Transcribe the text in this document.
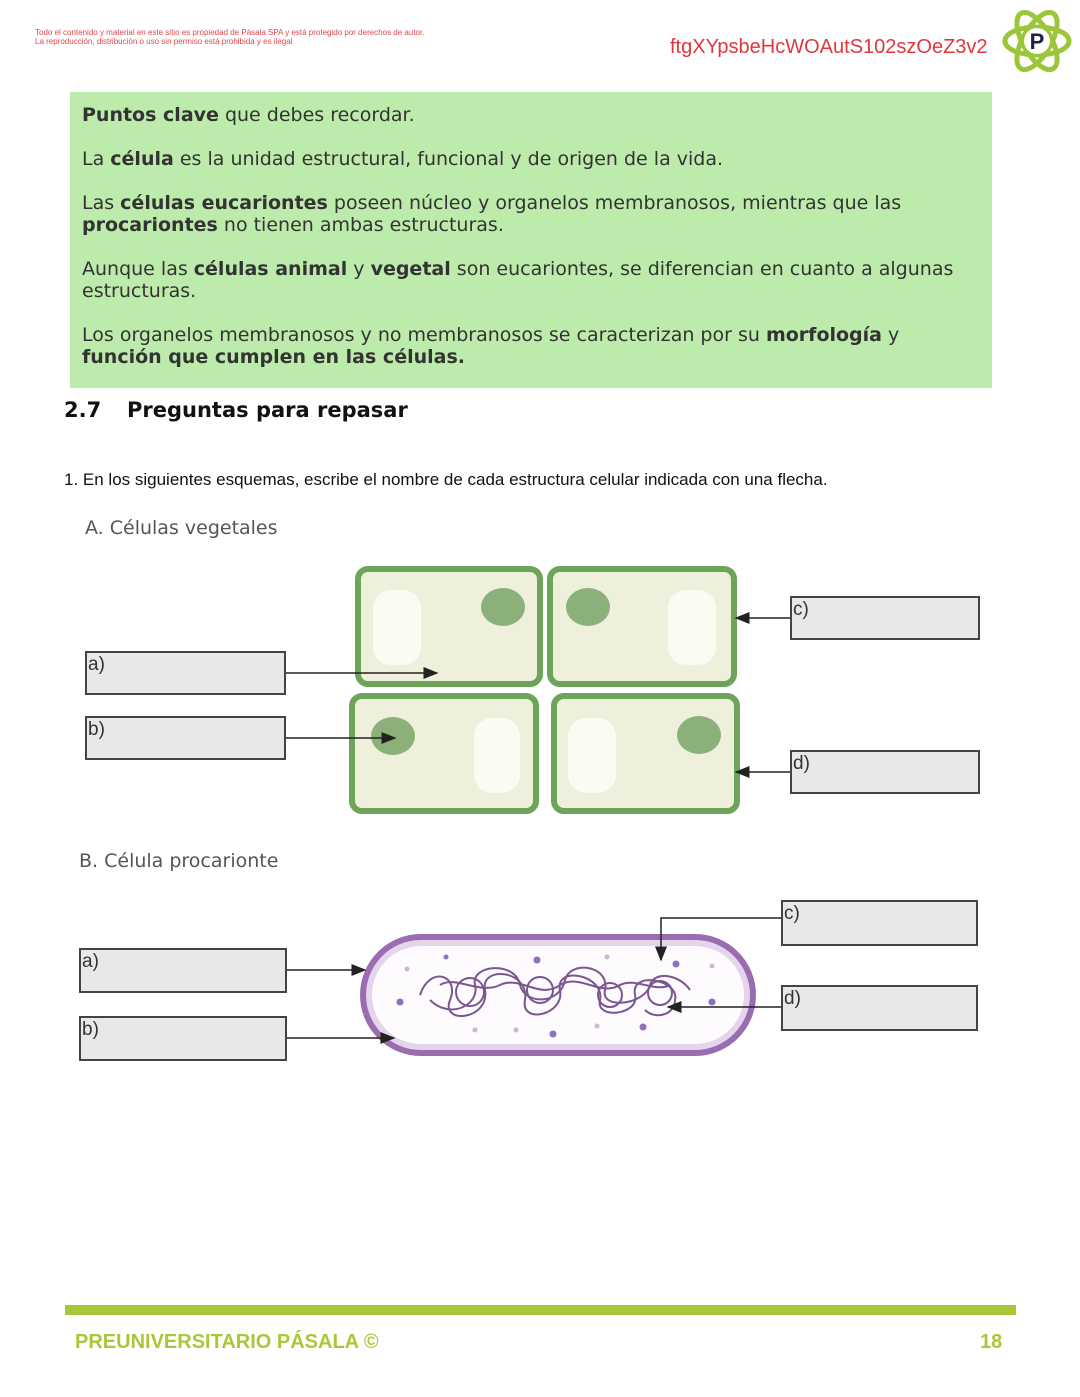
Todo el contenido y material en este sitio es propiedad de Pásala SPA y está protegido por derechos de autor.
La reproducción, distribución o uso sin permiso está prohibida y es ilegal	ftgXYpsbeHcWOAutS102szOeZ3v2 P

Puntos clave que debes recordar.

La célula es la unidad estructural, funcional y de origen de la vida.

Las células eucariontes poseen núcleo y organelos membranosos, mientras que las procariontes no tienen ambas estructuras.

Aunque las células animal y vegetal son eucariontes, se diferencian en cuanto a algunas estructuras.

Los organelos membranosos y no membranosos se caracterizan por su morfología y función que cumplen en las células.

2.7 Preguntas para repasar
1. En los siguientes esquemas, escribe el nombre de cada estructura celular indicada con una flecha.
A. Células vegetales
B. Célula procarionte
a)
b)
c)
d)
a)
b)
c)
d)
PREUNIVERSITARIO PÁSALA ©	18
